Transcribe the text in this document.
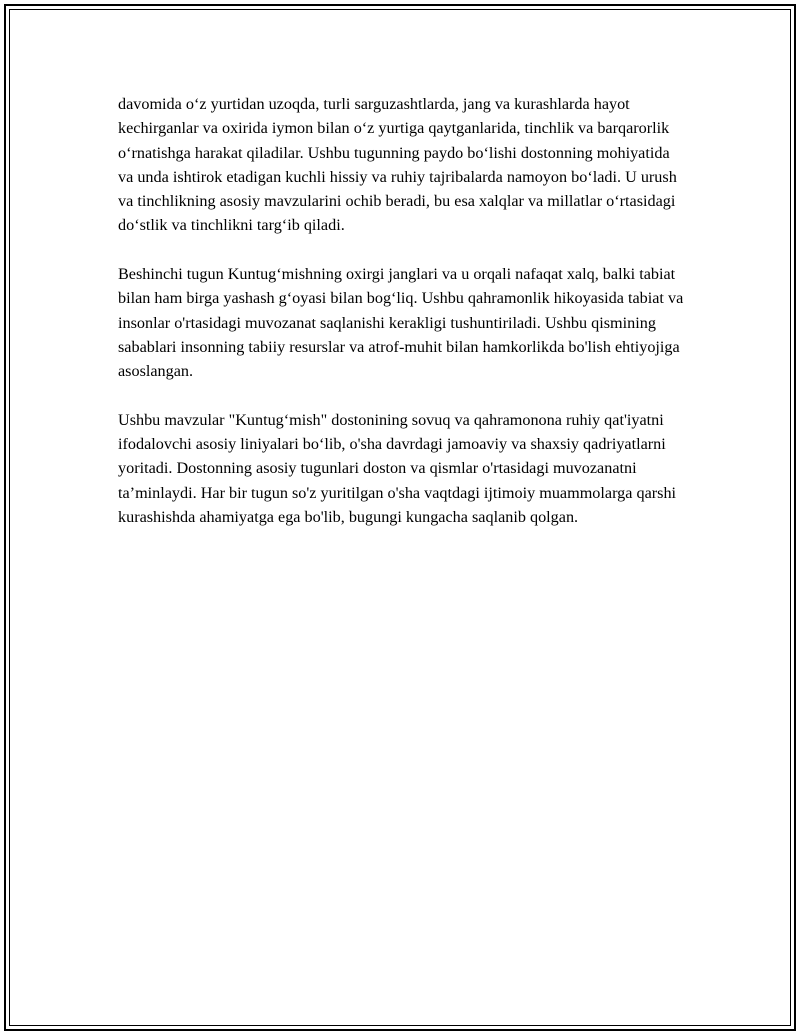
davomida oʻz yurtidan uzoqda, turli sarguzashtlarda, jang va kurashlarda hayot kechirganlar va oxirida iymon bilan oʻz yurtiga qaytganlarida, tinchlik va barqarorlik oʻrnatishga harakat qiladilar. Ushbu tugunning paydo boʻlishi dostonning mohiyatida va unda ishtirok etadigan kuchli hissiy va ruhiy tajribalarda namoyon boʻladi. U urush va tinchlikning asosiy mavzularini ochib beradi, bu esa xalqlar va millatlar oʻrtasidagi doʻstlik va tinchlikni targʻib qiladi.

Beshinchi tugun Kuntugʻmishning oxirgi janglari va u orqali nafaqat xalq, balki tabiat bilan ham birga yashash gʻoyasi bilan bogʻliq. Ushbu qahramonlik hikoyasida tabiat va insonlar o'rtasidagi muvozanat saqlanishi kerakligi tushuntiriladi. Ushbu qismining sabablari insonning tabiiy resurslar va atrof-muhit bilan hamkorlikda bo'lish ehtiyojiga asoslangan.

Ushbu mavzular "Kuntugʻmish" dostonining sovuq va qahramonona ruhiy qat'iyatni ifodalovchi asosiy liniyalari boʻlib, o'sha davrdagi jamoaviy va shaxsiy qadriyatlarni yoritadi. Dostonning asosiy tugunlari doston va qismlar o'rtasidagi muvozanatni taʼminlaydi. Har bir tugun so'z yuritilgan o'sha vaqtdagi ijtimoiy muammolarga qarshi kurashishda ahamiyatga ega bo'lib, bugungi kungacha saqlanib qolgan.
